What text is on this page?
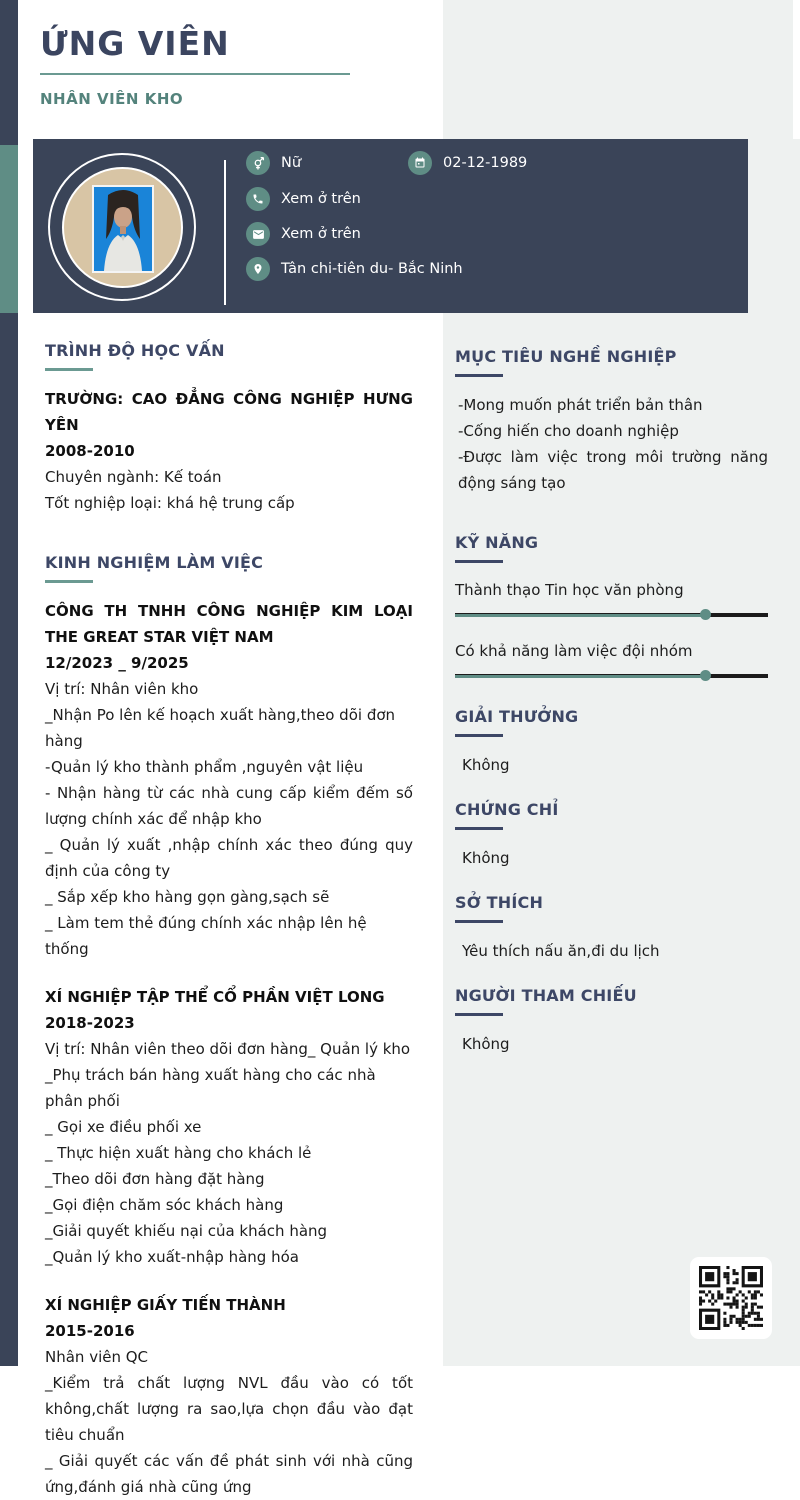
ỨNG VIÊN
NHÂN VIÊN KHO
Nữ	02-12-1989
Xem ở trên
Xem ở trên
Tân chi-tiên du- Bắc Ninh
TRÌNH ĐỘ HỌC VẤN
TRƯỜNG: CAO ĐẲNG CÔNG NGHIỆP HƯNG YÊN
2008-2010
Chuyên ngành: Kế toán
Tốt nghiệp loại: khá hệ trung cấp
KINH NGHIỆM LÀM VIỆC
CÔNG TH TNHH CÔNG NGHIỆP KIM LOẠI THE GREAT STAR VIỆT NAM
12/2023 _ 9/2025
Vị trí: Nhân viên kho
_Nhận Po lên kế hoạch xuất hàng,theo dõi đơn hàng
-Quản lý kho thành phẩm ,nguyên vật liệu
- Nhận hàng từ các nhà cung cấp kiểm đếm số lượng chính xác để nhập kho
_ Quản lý xuất ,nhập chính xác theo đúng quy định của công ty
_ Sắp xếp kho hàng gọn gàng,sạch sẽ
_ Làm tem thẻ đúng chính xác nhập lên hệ thống
XÍ NGHIỆP TẬP THỂ CỔ PHẦN VIỆT LONG
2018-2023
Vị trí: Nhân viên theo dõi đơn hàng_ Quản lý kho
_Phụ trách bán hàng xuất hàng cho các nhà phân phối
_ Gọi xe điều phối xe
_ Thực hiện xuất hàng cho khách lẻ
_Theo dõi đơn hàng đặt hàng
_Gọi điện chăm sóc khách hàng
_Giải quyết khiếu nại của khách hàng
_Quản lý kho xuất-nhập hàng hóa
XÍ NGHIỆP GIẤY TIẾN THÀNH
2015-2016
Nhân viên QC
_Kiểm trả chất lượng NVL đầu vào có tốt không,chất lượng ra sao,lựa chọn đầu vào đạt tiêu chuẩn
_ Giải quyết các vấn đề phát sinh với nhà cũng ứng,đánh giá nhà cũng ứng
MỤC TIÊU NGHỀ NGHIỆP
-Mong muốn phát triển bản thân
-Cống hiến cho doanh nghiệp
-Được làm việc trong môi trường năng động sáng tạo
KỸ NĂNG
Thành thạo Tin học văn phòng
Có khả năng làm việc đội nhóm
GIẢI THƯỞNG
Không
CHỨNG CHỈ
Không
SỞ THÍCH
Yêu thích nấu ăn,đi du lịch
NGƯỜI THAM CHIẾU
Không
